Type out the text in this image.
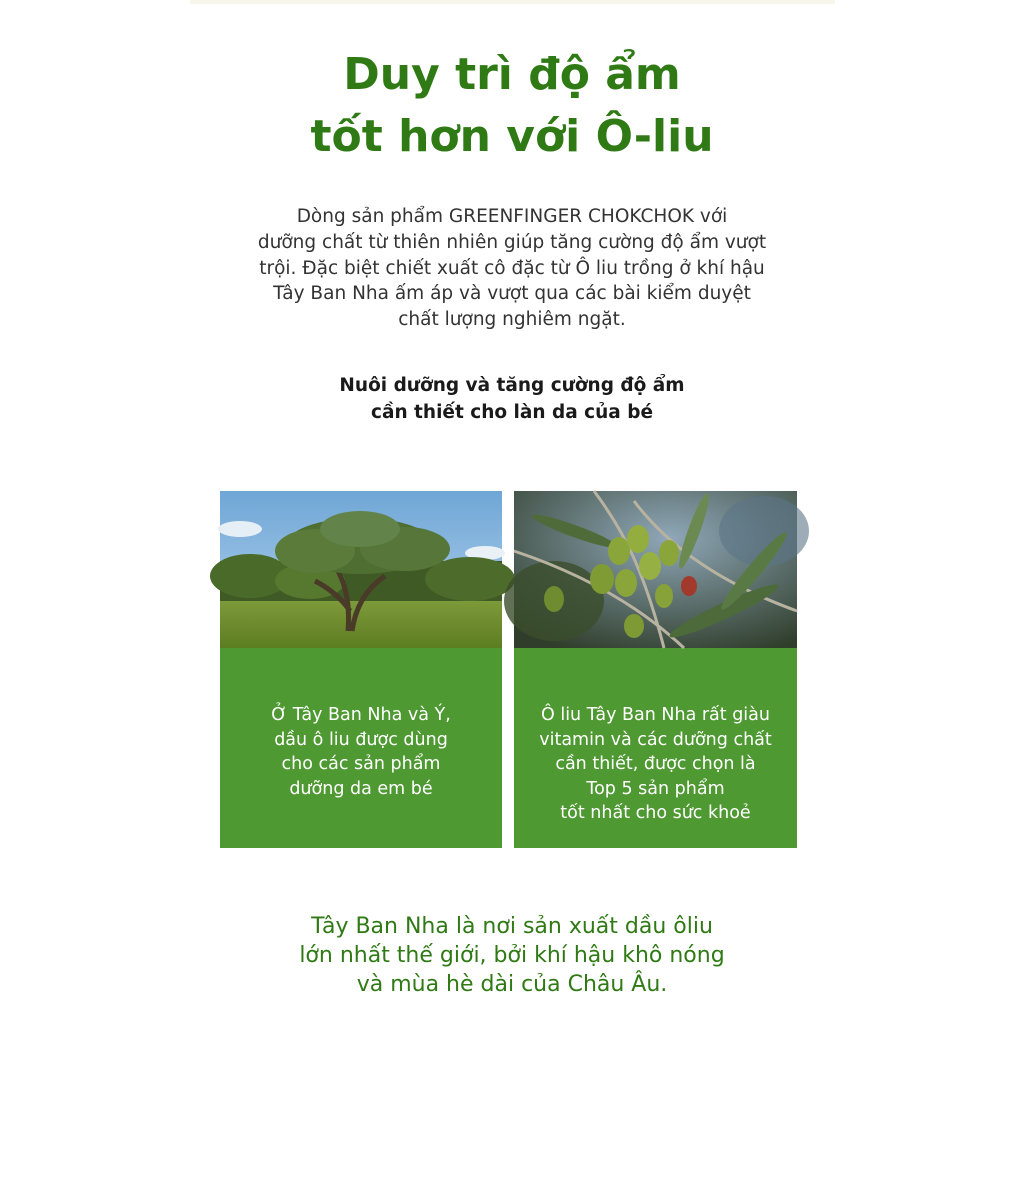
Duy trì độ ẩm
tốt hơn với Ô-liu
Dòng sản phẩm GREENFINGER CHOKCHOK với
dưỡng chất từ thiên nhiên giúp tăng cường độ ẩm vượt
trội. Đặc biệt chiết xuất cô đặc từ Ô liu trồng ở khí hậu
Tây Ban Nha ấm áp và vượt qua các bài kiểm duyệt
chất lượng nghiêm ngặt.
Nuôi dưỡng và tăng cường độ ẩm
cần thiết cho làn da của bé
01
Ở Tây Ban Nha và Ý,
dầu ô liu được dùng
cho các sản phẩm
dưỡng da em bé
02
Ô liu Tây Ban Nha rất giàu
vitamin và các dưỡng chất
cần thiết, được chọn là
Top 5 sản phẩm
tốt nhất cho sức khoẻ
Tây Ban Nha là nơi sản xuất dầu ôliu
lớn nhất thế giới, bởi khí hậu khô nóng
và mùa hè dài của Châu Âu.
